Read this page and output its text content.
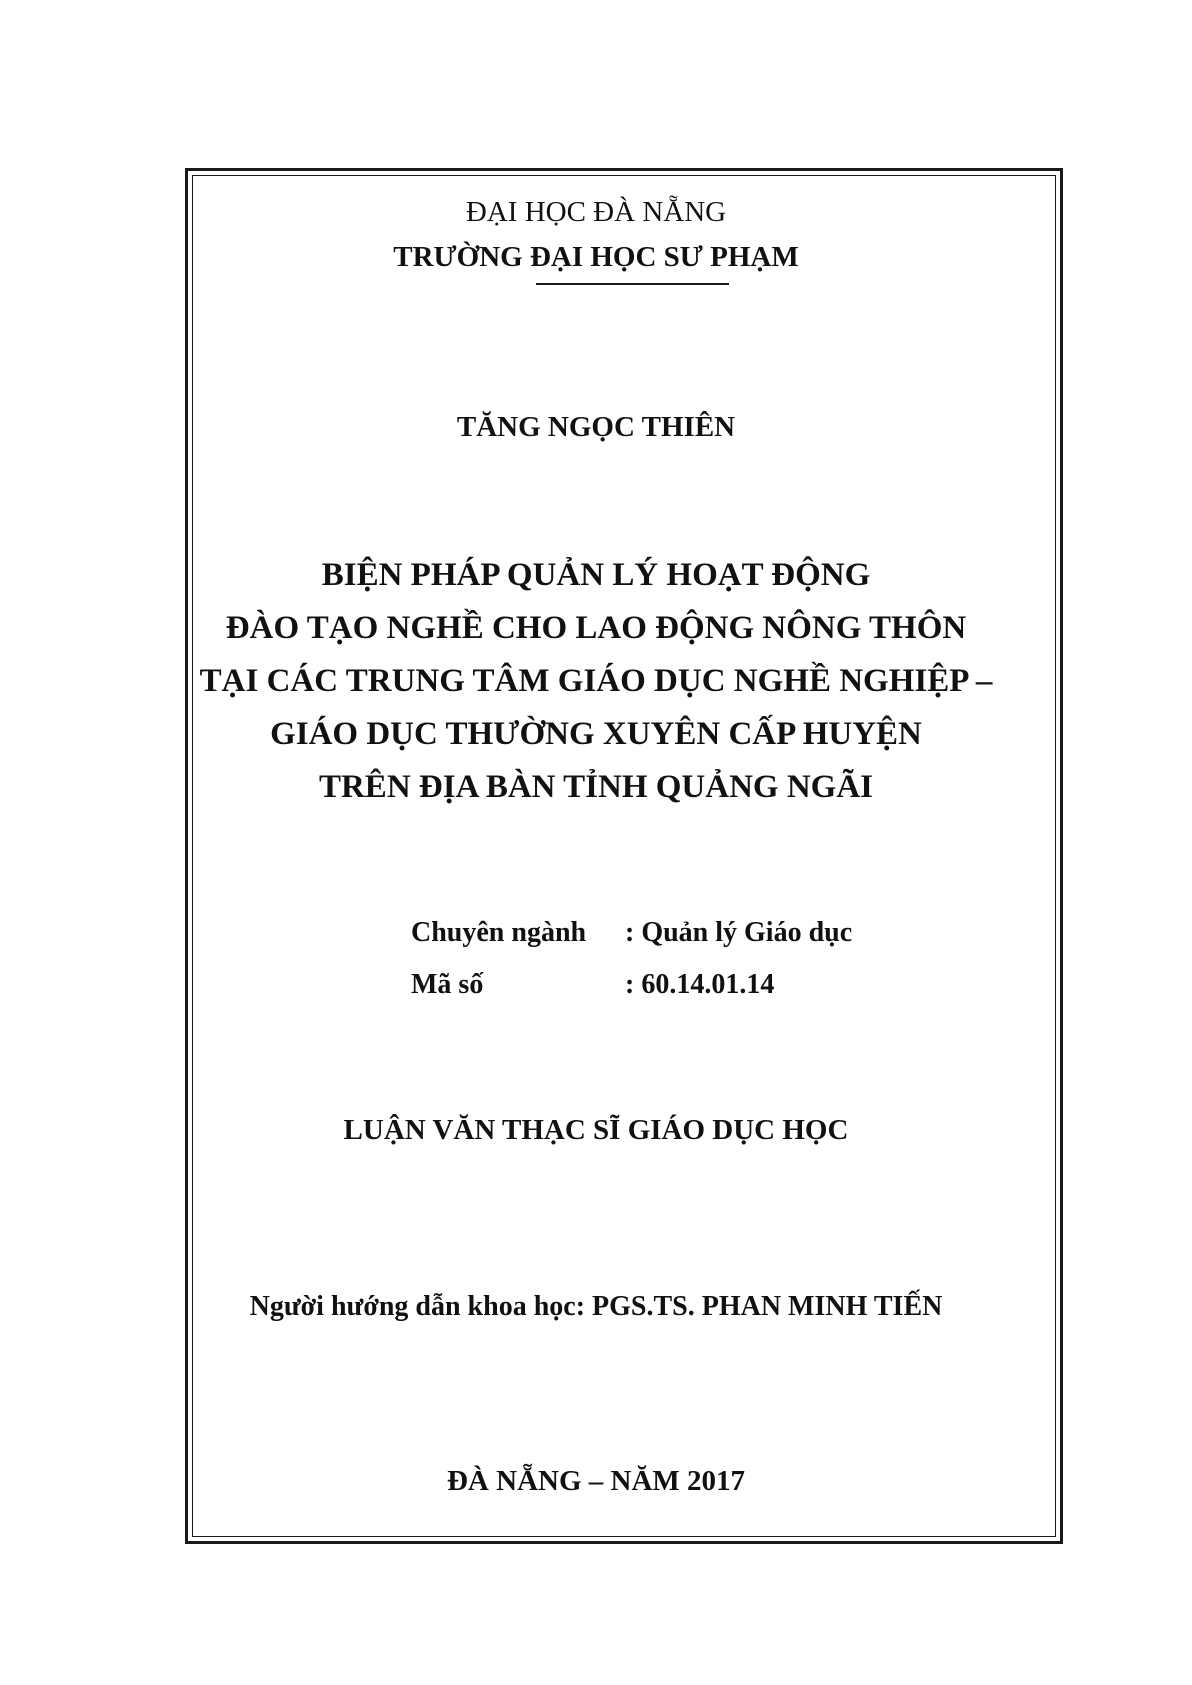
ĐẠI HỌC ĐÀ NẴNG
TRƯỜNG ĐẠI HỌC SƯ PHẠM
TĂNG NGỌC THIÊN
BIỆN PHÁP QUẢN LÝ HOẠT ĐỘNG
ĐÀO TẠO NGHỀ CHO LAO ĐỘNG NÔNG THÔN
TẠI CÁC TRUNG TÂM GIÁO DỤC NGHỀ NGHIỆP –
GIÁO DỤC THƯỜNG XUYÊN CẤP HUYỆN
TRÊN ĐỊA BÀN TỈNH QUẢNG NGÃI
Chuyên ngành : Quản lý Giáo dục
Mã số	: 60.14.01.14
LUẬN VĂN THẠC SĨ GIÁO DỤC HỌC
Người hướng dẫn khoa học: PGS.TS. PHAN MINH TIẾN
ĐÀ NẴNG – NĂM 2017
